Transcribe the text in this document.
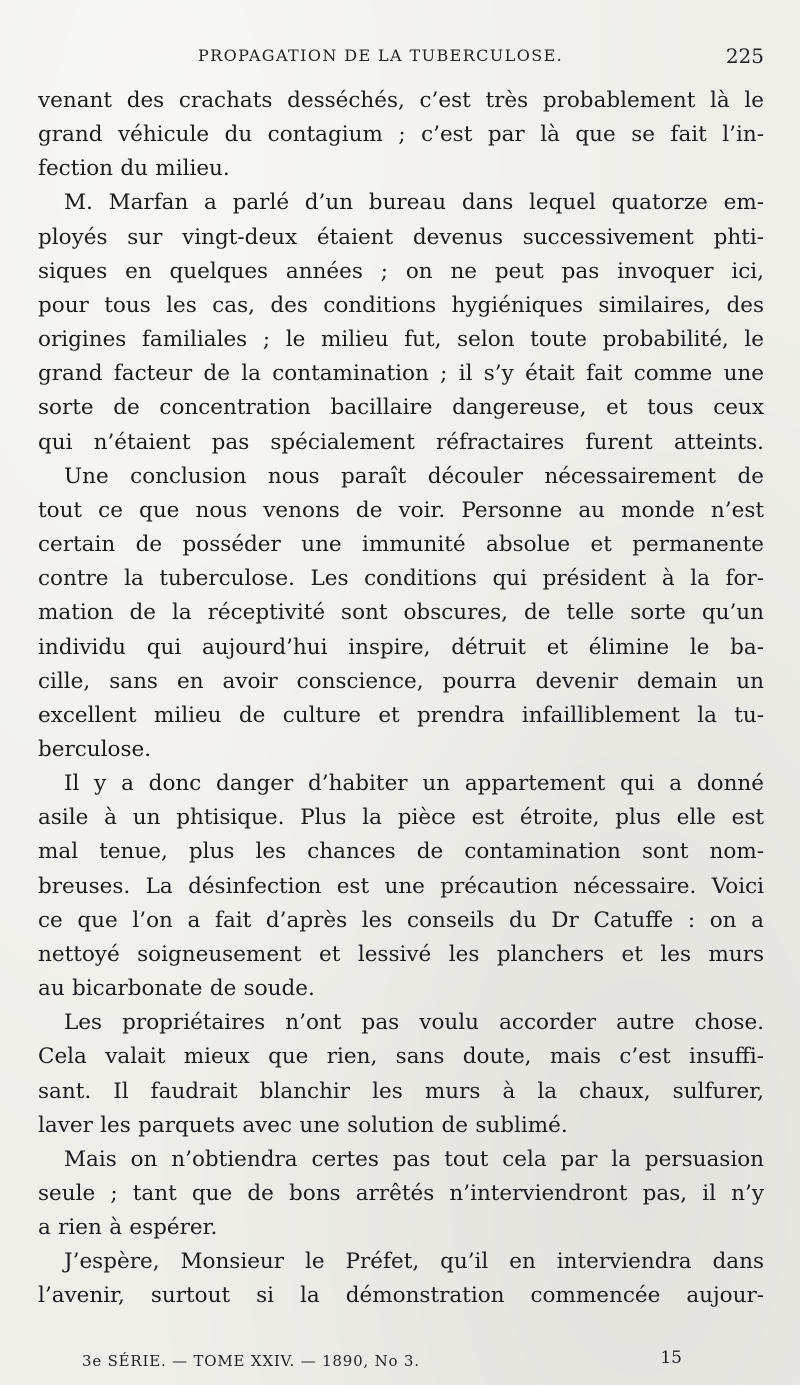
PROPAGATION DE LA TUBERCULOSE.	225
venant des crachats desséchés, c’est très probablement là le
grand véhicule du contagium ; c’est par là que se fait l’in-
fection du milieu.
M. Marfan a parlé d’un bureau dans lequel quatorze em-
ployés sur vingt-deux étaient devenus successivement phti-
siques en quelques années ; on ne peut pas invoquer ici,
pour tous les cas, des conditions hygiéniques similaires, des
origines familiales ; le milieu fut, selon toute probabilité, le
grand facteur de la contamination ; il s’y était fait comme une
sorte de concentration bacillaire dangereuse, et tous ceux
qui n’étaient pas spécialement réfractaires furent atteints.
Une conclusion nous paraît découler nécessairement de
tout ce que nous venons de voir. Personne au monde n’est
certain de posséder une immunité absolue et permanente
contre la tuberculose. Les conditions qui président à la for-
mation de la réceptivité sont obscures, de telle sorte qu’un
individu qui aujourd’hui inspire, détruit et élimine le ba-
cille, sans en avoir conscience, pourra devenir demain un
excellent milieu de culture et prendra infailliblement la tu-
berculose.
Il y a donc danger d’habiter un appartement qui a donné
asile à un phtisique. Plus la pièce est étroite, plus elle est
mal tenue, plus les chances de contamination sont nom-
breuses. La désinfection est une précaution nécessaire. Voici
ce que l’on a fait d’après les conseils du Dr Catuffe : on a
nettoyé soigneusement et lessivé les planchers et les murs
au bicarbonate de soude.
Les propriétaires n’ont pas voulu accorder autre chose.
Cela valait mieux que rien, sans doute, mais c’est insuffi-
sant. Il faudrait blanchir les murs à la chaux, sulfurer,
laver les parquets avec une solution de sublimé.
Mais on n’obtiendra certes pas tout cela par la persuasion
seule ; tant que de bons arrêtés n’interviendront pas, il n’y
a rien à espérer.
J’espère, Monsieur le Préfet, qu’il en interviendra dans
l’avenir, surtout si la démonstration commencée aujour-
3e SÉRIE. — TOME XXIV. — 1890, No 3.	15
